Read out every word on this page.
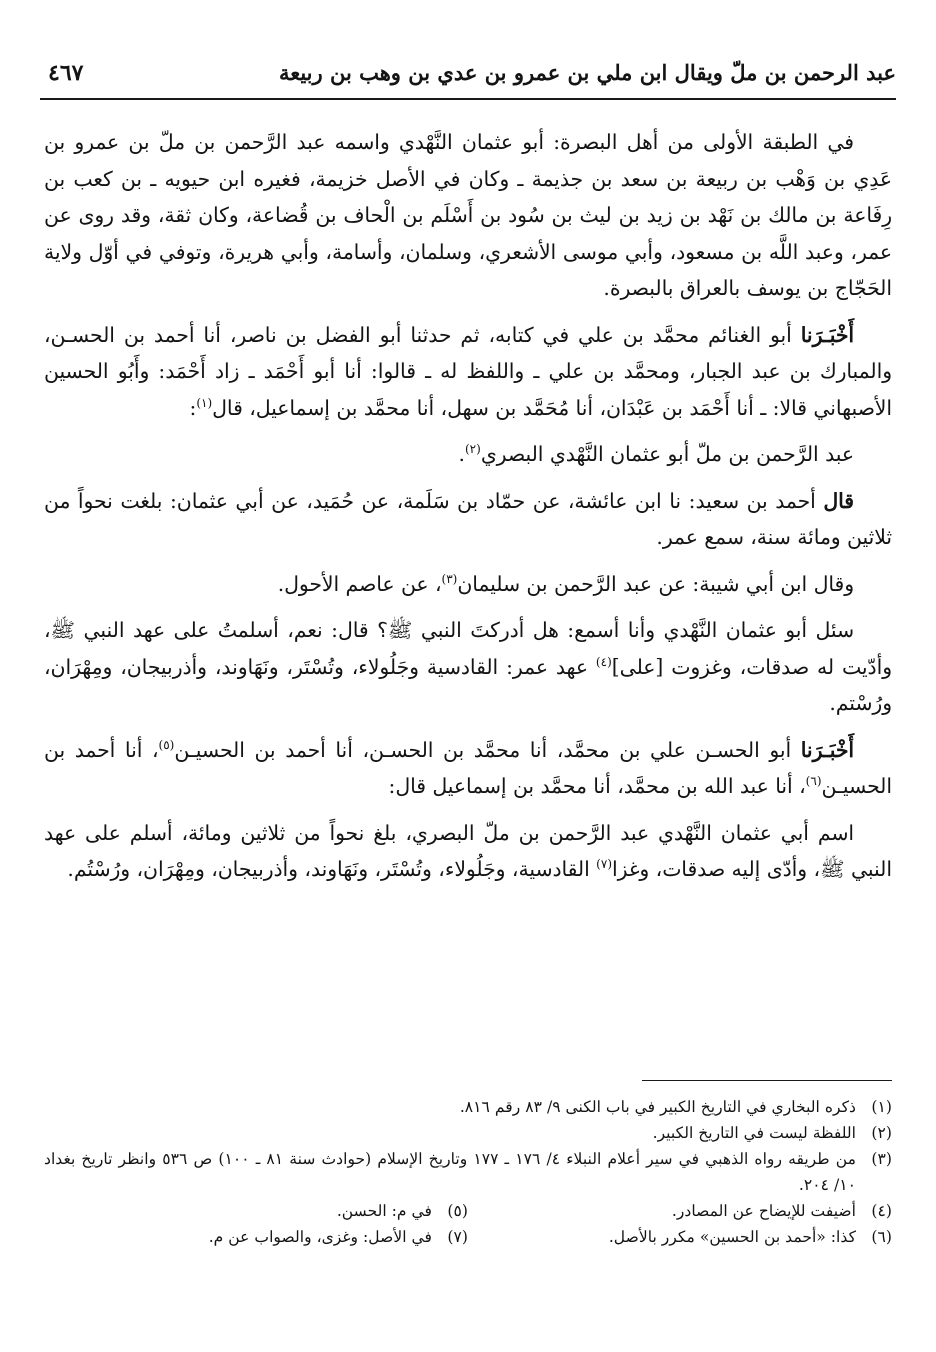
عبد الرحمن بن ملّ ويقال ابن ملي بن عمرو بن عدي بن وهب بن ربيعة
٤٦٧

في الطبقة الأولى من أهل البصرة: أبو عثمان النَّهْدي واسمه عبد الرَّحمن بن ملّ بن عمرو بن عَدِي بن وَهْب بن ربيعة بن سعد بن جذيمة ـ وكان في الأصل خزيمة، فغيره ابن حيويه ـ بن كعب بن رِفَاعة بن مالك بن نَهْد بن زيد بن ليث بن سُود بن أَسْلَم بن الْحاف بن قُضاعة، وكان ثقة، وقد روى عن عمر، وعبد اللَّه بن مسعود، وأبي موسى الأشعري، وسلمان، وأسامة، وأبي هريرة، وتوفي في أوّل ولاية الحَجّاج بن يوسف بالعراق بالبصرة.

أَخْبَـرَنا أبو الغنائم محمَّد بن علي في كتابه، ثم حدثنا أبو الفضل بن ناصر، أنا أحمد بن الحسـن، والمبارك بن عبد الجبار، ومحمَّد بن علي ـ واللفظ له ـ قالوا: أنا أبو أَحْمَد ـ زاد أَحْمَد: وأَبُو الحسين الأصبهاني قالا: ـ أنا أَحْمَد بن عَبْدَان، أنا مُحَمَّد بن سهل، أنا محمَّد بن إسماعيل، قال$^{(١)}$:

عبد الرَّحمن بن ملّ أبو عثمان النَّهْدي البصري$^{(٢)}$.

قال أحمد بن سعيد: نا ابن عائشة، عن حمّاد بن سَلَمة، عن حُمَيد، عن أبي عثمان: بلغت نحواً من ثلاثين ومائة سنة، سمع عمر.

وقال ابن أبي شيبة: عن عبد الرَّحمن بن سليمان$^{(٣)}$، عن عاصم الأحول.

سئل أبو عثمان النَّهْدي وأنا أسمع: هل أدركتَ النبي ﷺ؟ قال: نعم، أسلمتُ على عهد النبي ﷺ، وأدّيت له صدقات، وغزوت [على]$^{(٤)}$ عهد عمر: القادسية وجَلُولاء، وتُسْتَر، ونَهَاوند، وأذربيجان، ومِهْرَان، ورُسْتم.

أَخْبَـرَنا أبو الحسـن علي بن محمَّد، أنا محمَّد بن الحسـن، أنا أحمد بن الحسيـن$^{(٥)}$، أنا أحمد بن الحسيـن$^{(٦)}$، أنا عبد الله بن محمَّد، أنا محمَّد بن إسماعيل قال:

اسم أبي عثمان النَّهْدي عبد الرَّحمن بن ملّ البصري، بلغ نحواً من ثلاثين ومائة، أسلم على عهد النبي ﷺ، وأدّى إليه صدقات، وغزا$^{(٧)}$ القادسية، وجَلُولاء، وتُسْتَر، ونَهَاوند، وأذربيجان، ومِهْرَان، ورُسْتُم.

(١)
ذكره البخاري في التاريخ الكبير في باب الكنى ٩/ ٨٣ رقم ٨١٦.
(٢)
اللفظة ليست في التاريخ الكبير.
(٣)
من طريقه رواه الذهبي في سير أعلام النبلاء ٤/ ١٧٦ ـ ١٧٧ وتاريخ الإسلام (حوادث سنة ٨١ ـ ١٠٠) ص ٥٣٦ وانظر تاريخ بغداد ١٠/ ٢٠٤.
(٤)
أضيفت للإيضاح عن المصادر.
(٥)
في م: الحسن.
(٦)
كذا: «أحمد بن الحسين» مكرر بالأصل.
(٧)
في الأصل: وغزى، والصواب عن م.
